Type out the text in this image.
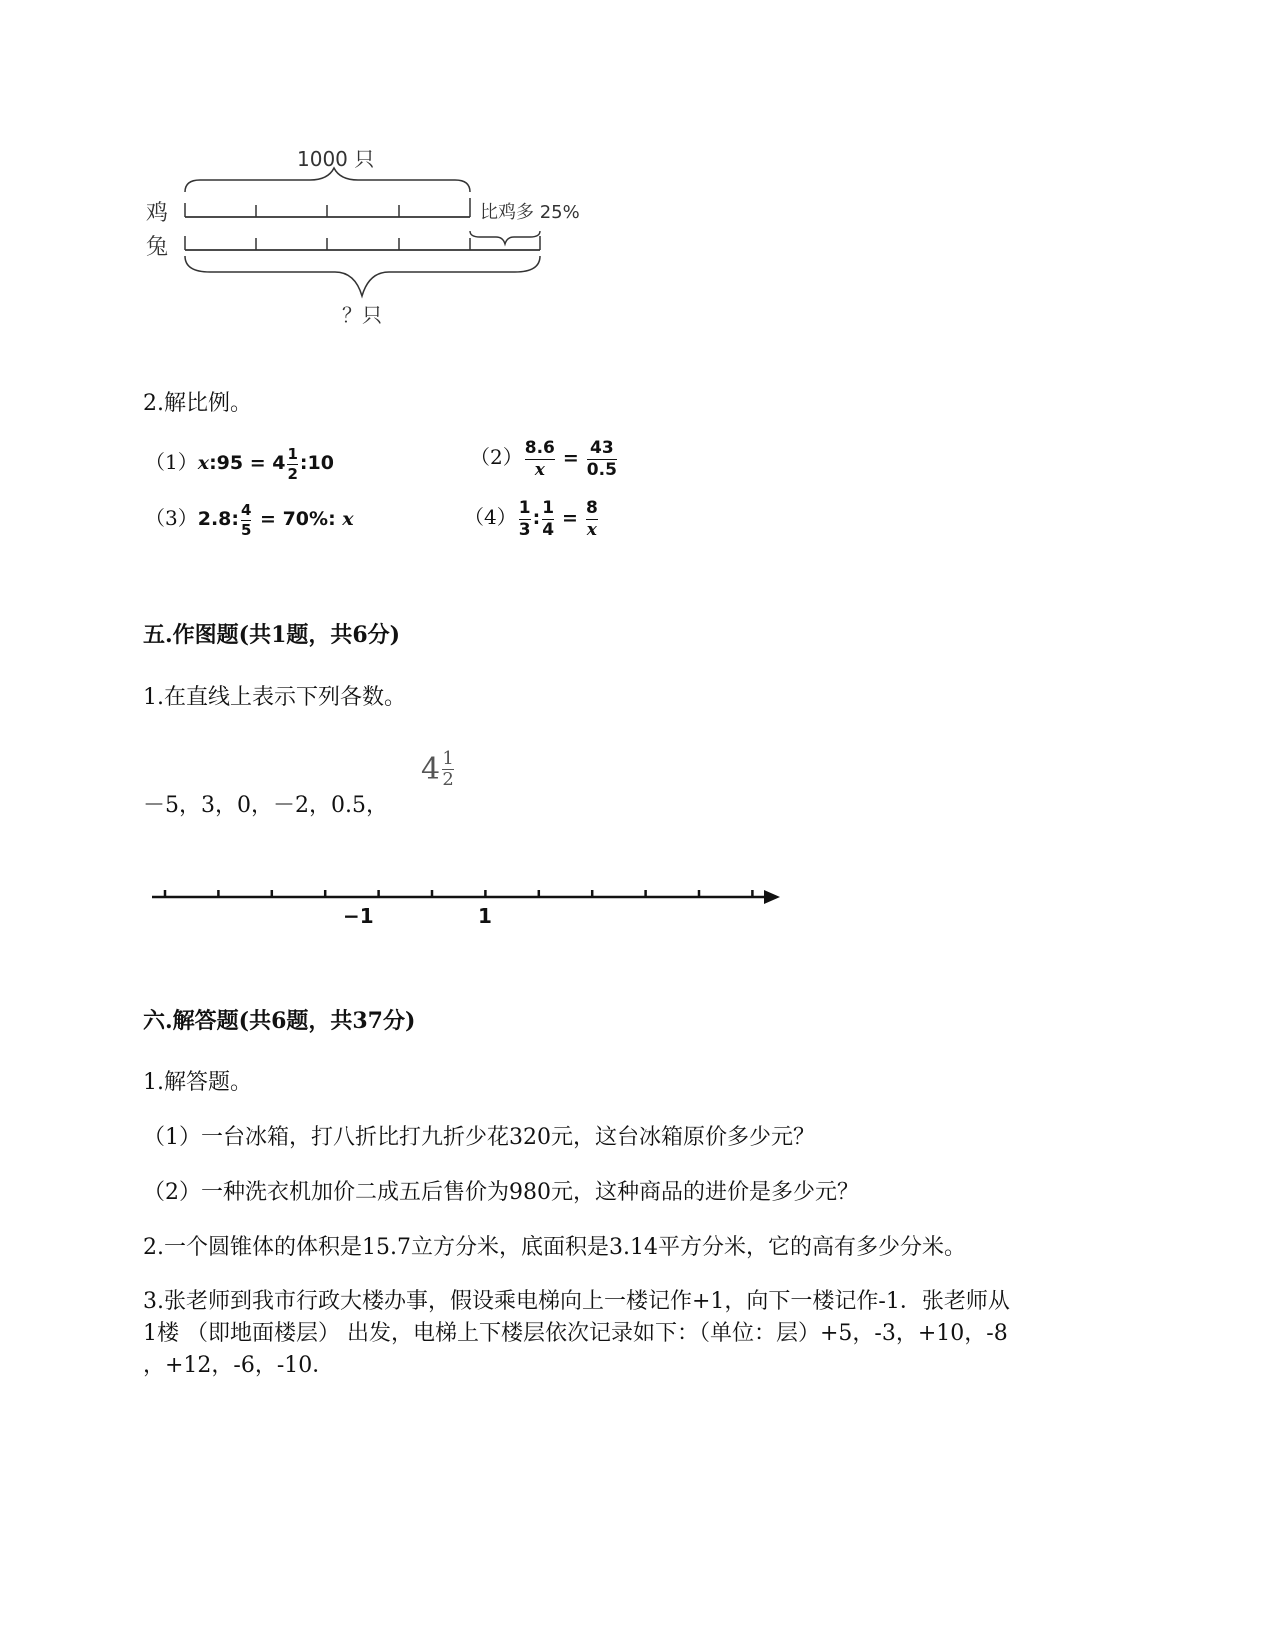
1000 只
鸡	比鸡多 25%
兔
？只
2.解比例。
（1）x:95 = $4 \frac{1}{2}$ :10	$(2) \frac{8.6}{x} = \frac{43}{0.5}$
（3）2.8: $\frac{4}{5} = 70\%$: x	$(4) \frac{1}{3}$ : $\frac{1}{4} = \frac{8}{x}$
五.作图题(共1题，共6分)
1.在直线上表示下列各数。
－5，3，0，－2，0.5，
4 1
2
−1	1
六.解答题(共6题，共37分)
1.解答题。
（1）一台冰箱，打八折比打九折少花320元，这台冰箱原价多少元？
（2）一种洗衣机加价二成五后售价为980元，这种商品的进价是多少元？
2.一个圆锥体的体积是15.7立方分米，底面积是3.14平方分米，它的高有多少分米。
3.张老师到我市行政大楼办事，假设乘电梯向上一楼记作+1，向下一楼记作-1．张老师从
1楼 （即地面楼层） 出发，电梯上下楼层依次记录如下：（单位：层）+5，-3，+10，-8
，+12，-6，-10．
